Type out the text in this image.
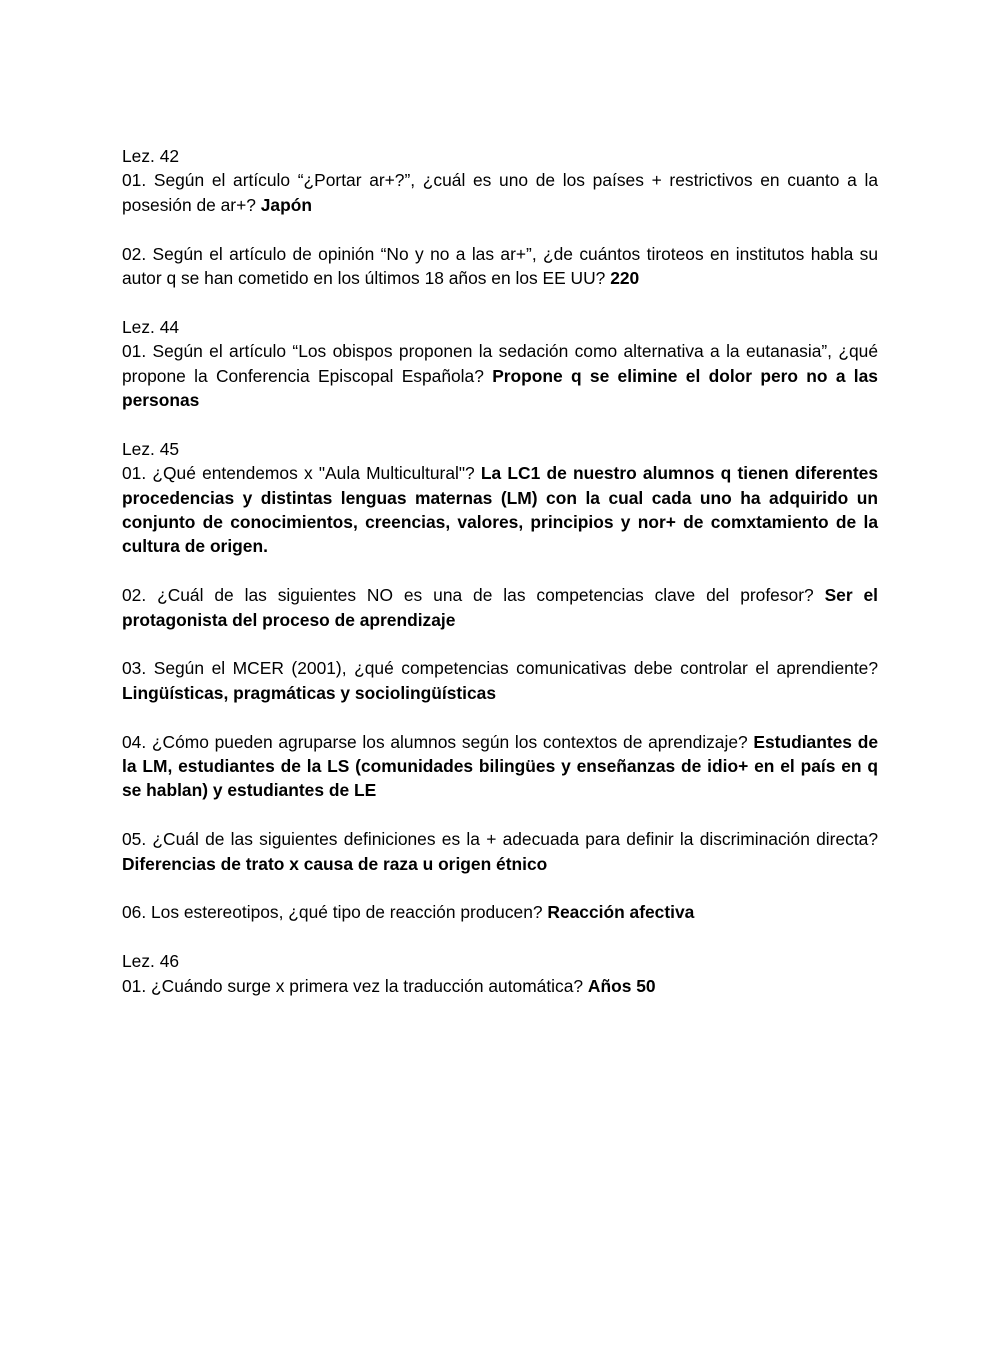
Lez. 42
01. Según el artículo “¿Portar ar+?”, ¿cuál es uno de los países + restrictivos en cuanto a la posesión de ar+? Japón
02. Según el artículo de opinión “No y no a las ar+”, ¿de cuántos tiroteos en institutos habla su autor q se han cometido en los últimos 18 años en los EE UU? 220
Lez. 44
01. Según el artículo “Los obispos proponen la sedación como alternativa a la eutanasia”, ¿qué propone la Conferencia Episcopal Española? Propone q se elimine el dolor pero no a las personas
Lez. 45
01. ¿Qué entendemos x "Aula Multicultural"? La LC1 de nuestro alumnos q tienen diferentes procedencias y distintas lenguas maternas (LM) con la cual cada uno ha adquirido un conjunto de conocimientos, creencias, valores, principios y nor+ de comxtamiento de la cultura de origen.
02. ¿Cuál de las siguientes NO es una de las competencias clave del profesor? Ser el protagonista del proceso de aprendizaje
03. Según el MCER (2001), ¿qué competencias comunicativas debe controlar el aprendiente? Lingüísticas, pragmáticas y sociolingüísticas
04. ¿Cómo pueden agruparse los alumnos según los contextos de aprendizaje? Estudiantes de la LM, estudiantes de la LS (comunidades bilingües y enseñanzas de idio+ en el país en q se hablan) y estudiantes de LE
05. ¿Cuál de las siguientes definiciones es la + adecuada para definir la discriminación directa? Diferencias de trato x causa de raza u origen étnico
06. Los estereotipos, ¿qué tipo de reacción producen? Reacción afectiva
Lez. 46
01. ¿Cuándo surge x primera vez la traducción automática? Años 50
